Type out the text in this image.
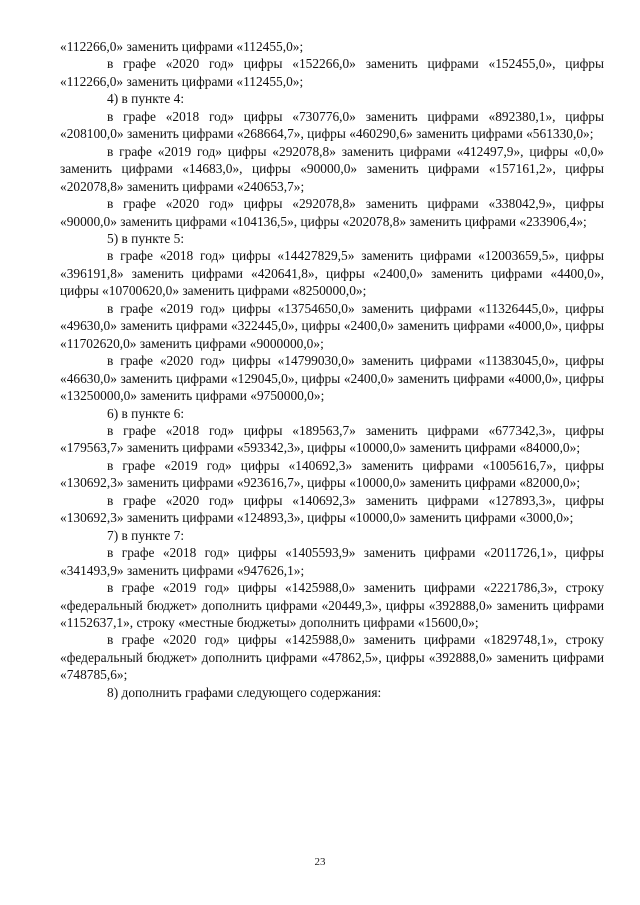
«112266,0» заменить цифрами «112455,0»;

в графе «2020 год» цифры «152266,0» заменить цифрами «152455,0», цифры «112266,0» заменить цифрами «112455,0»;

4) в пункте 4:

в графе «2018 год» цифры «730776,0» заменить цифрами «892380,1», цифры «208100,0» заменить цифрами «268664,7», цифры «460290,6» заменить цифрами «561330,0»;

в графе «2019 год» цифры «292078,8» заменить цифрами «412497,9», цифры «0,0» заменить цифрами «14683,0», цифры «90000,0» заменить цифрами «157161,2», цифры «202078,8» заменить цифрами «240653,7»;

в графе «2020 год» цифры «292078,8» заменить цифрами «338042,9», цифры «90000,0» заменить цифрами «104136,5», цифры «202078,8» заменить цифрами «233906,4»;

5) в пункте 5:

в графе «2018 год» цифры «14427829,5» заменить цифрами «12003659,5», цифры «396191,8» заменить цифрами «420641,8», цифры «2400,0» заменить цифрами «4400,0», цифры «10700620,0» заменить цифрами «8250000,0»;

в графе «2019 год» цифры «13754650,0» заменить цифрами «11326445,0», цифры «49630,0» заменить цифрами «322445,0», цифры «2400,0» заменить цифрами «4000,0», цифры «11702620,0» заменить цифрами «9000000,0»;

в графе «2020 год» цифры «14799030,0» заменить цифрами «11383045,0», цифры «46630,0» заменить цифрами «129045,0», цифры «2400,0» заменить цифрами «4000,0», цифры «13250000,0» заменить цифрами «9750000,0»;

6) в пункте 6:

в графе «2018 год» цифры «189563,7» заменить цифрами «677342,3», цифры «179563,7» заменить цифрами «593342,3», цифры «10000,0» заменить цифрами «84000,0»;

в графе «2019 год» цифры «140692,3» заменить цифрами «1005616,7», цифры «130692,3» заменить цифрами «923616,7», цифры «10000,0» заменить цифрами «82000,0»;

в графе «2020 год» цифры «140692,3» заменить цифрами «127893,3», цифры «130692,3» заменить цифрами «124893,3», цифры «10000,0» заменить цифрами «3000,0»;

7) в пункте 7:

в графе «2018 год» цифры «1405593,9» заменить цифрами «2011726,1», цифры «341493,9» заменить цифрами «947626,1»;

в графе «2019 год» цифры «1425988,0» заменить цифрами «2221786,3», строку «федеральный бюджет» дополнить цифрами «20449,3», цифры «392888,0» заменить цифрами «1152637,1», строку «местные бюджеты» дополнить цифрами «15600,0»;

в графе «2020 год» цифры «1425988,0» заменить цифрами «1829748,1», строку «федеральный бюджет» дополнить цифрами «47862,5», цифры «392888,0» заменить цифрами «748785,6»;

8) дополнить графами следующего содержания:

23
